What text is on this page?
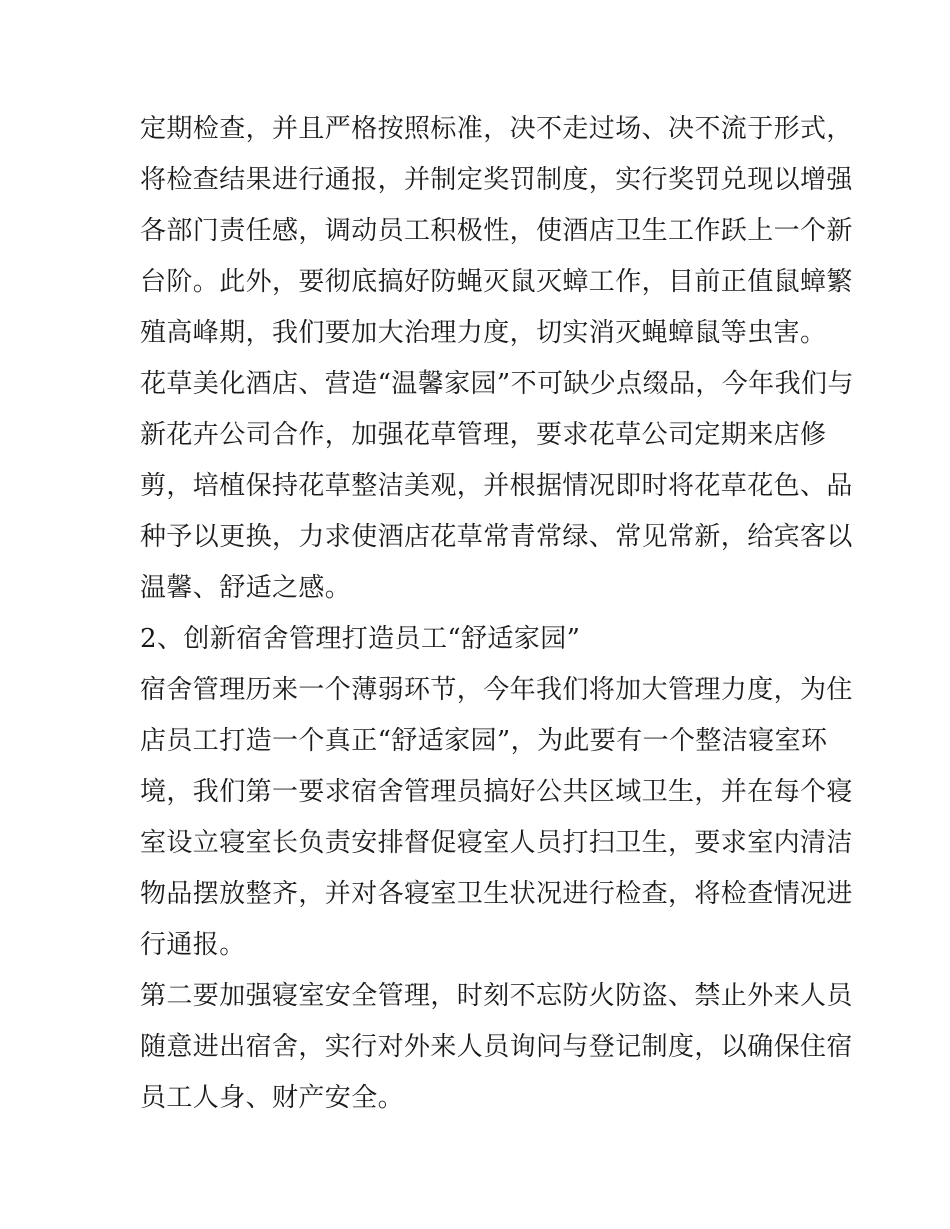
定期检查，并且严格按照标准，决不走过场、决不流于形式，
将检查结果进行通报，并制定奖罚制度，实行奖罚兑现以增强
各部门责任感，调动员工积极性，使酒店卫生工作跃上一个新
台阶。此外，要彻底搞好防蝇灭鼠灭蟑工作，目前正值鼠蟑繁
殖高峰期，我们要加大治理力度，切实消灭蝇蟑鼠等虫害。
花草美化酒店、营造“温馨家园”不可缺少点缀品，今年我们与
新花卉公司合作，加强花草管理，要求花草公司定期来店修
剪，培植保持花草整洁美观，并根据情况即时将花草花色、品
种予以更换，力求使酒店花草常青常绿、常见常新，给宾客以
温馨、舒适之感。
2、创新宿舍管理打造员工“舒适家园”
宿舍管理历来一个薄弱环节，今年我们将加大管理力度，为住
店员工打造一个真正“舒适家园”，为此要有一个整洁寝室环
境，我们第一要求宿舍管理员搞好公共区域卫生，并在每个寝
室设立寝室长负责安排督促寝室人员打扫卫生，要求室内清洁
物品摆放整齐，并对各寝室卫生状况进行检查，将检查情况进
行通报。
第二要加强寝室安全管理，时刻不忘防火防盗、禁止外来人员
随意进出宿舍，实行对外来人员询问与登记制度，以确保住宿
员工人身、财产安全。
